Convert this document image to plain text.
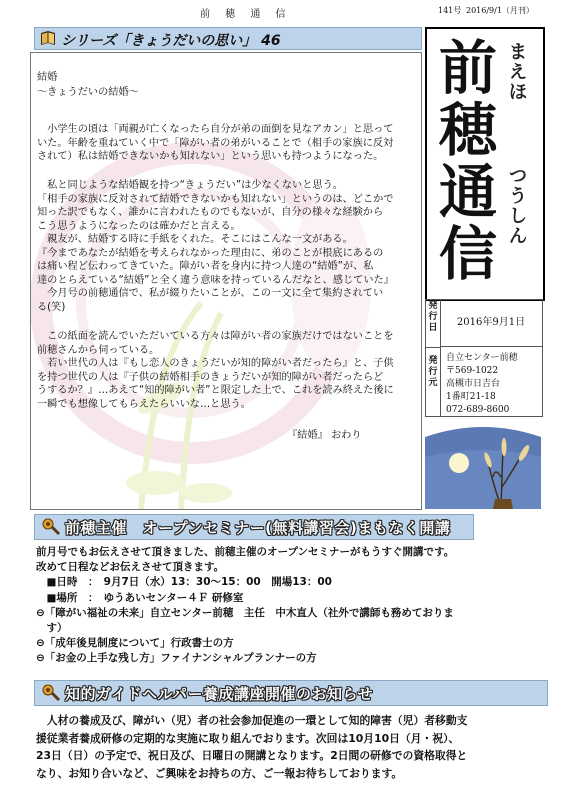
前 穂 通 信	141号 2016/9/1（月刊）
シリーズ「きょうだいの思い」 46

結婚

～きょうだいの結婚～

　小学生の頃は「両親が亡くなったら自分が弟の面倒を見なアカン」と思って

いた。年齢を重ねていく中で「障がい者の弟がいることで（相手の家族に反対

されて）私は結婚できないかも知れない」という思いも持つようになった。

　私と同じような結婚観を持つ“きょうだい”は少なくないと思う。

「相手の家族に反対されて結婚できないかも知れない」というのは、どこかで

知った訳でもなく、誰かに言われたものでもないが、自分の様々な経験から

こう思うようになったのは確かだと言える。

　親友が、結婚する時に手紙をくれた。そこにはこんな一文がある。

『今まであなたが結婚を考えられなかった理由に、弟のことが根底にあるの

は痛い程ど伝わってきていた。障がい者を身内に持つ人達の“結婚”が、私

達のとらえている“結婚”と全く違う意味を持っているんだなと、感じていた』

　今月号の前穂通信で、私が綴りたいことが、この一文に全て集約されてい

る(笑)

　この紙面を読んでいただいている方々は障がい者の家族だけではないことを

前穂さんから伺っている。

　若い世代の人は『もし恋人のきょうだいが知的障がい者だったら』と、子供

を持つ世代の人は『子供の結婚相手のきょうだいが知的障がい者だったらど

うするか？』…あえて“知的障がい者”と限定した上で、これを読み終えた後に

一瞬でも想像してもらえたらいいな…と思う。

『結婚』 おわり

前
穂
通
信
ま
え
ほ
つ
う
し
ん
発行日	2016年9月1日
発行元
自立センター前穂
〒569-1022
高槻市日吉台
1番町21-18
072-689-8600
前穂主催　オープンセミナー(無料講習会)まもなく開講
前月号でもお伝えさせて頂きました、前穂主催のオープンセミナーがもうすぐ開講です。
改めて日程などお伝えさせて頂きます。
　■日時　：　9月7日（水）13：30～15：00　開場13：00
　■場所　：　ゆうあいセンター４Ｆ 研修室
⊖「障がい福祉の未来」自立センター前穂　主任　中木直人（社外で講師も務めておりま
　す）
⊖「成年後見制度について」行政書士の方
⊖「お金の上手な残し方」ファイナンシャルプランナーの方
知的ガイドヘルパー養成講座開催のお知らせ
　人材の養成及び、障がい（児）者の社会参加促進の一環として知的障害（児）者移動支
援従業者養成研修の定期的な実施に取り組んでおります。次回は10月10日（月・祝）、
23日（日）の予定で、祝日及び、日曜日の開講となります。2日間の研修での資格取得と
なり、お知り合いなど、ご興味をお持ちの方、ご一報お待ちしております。
